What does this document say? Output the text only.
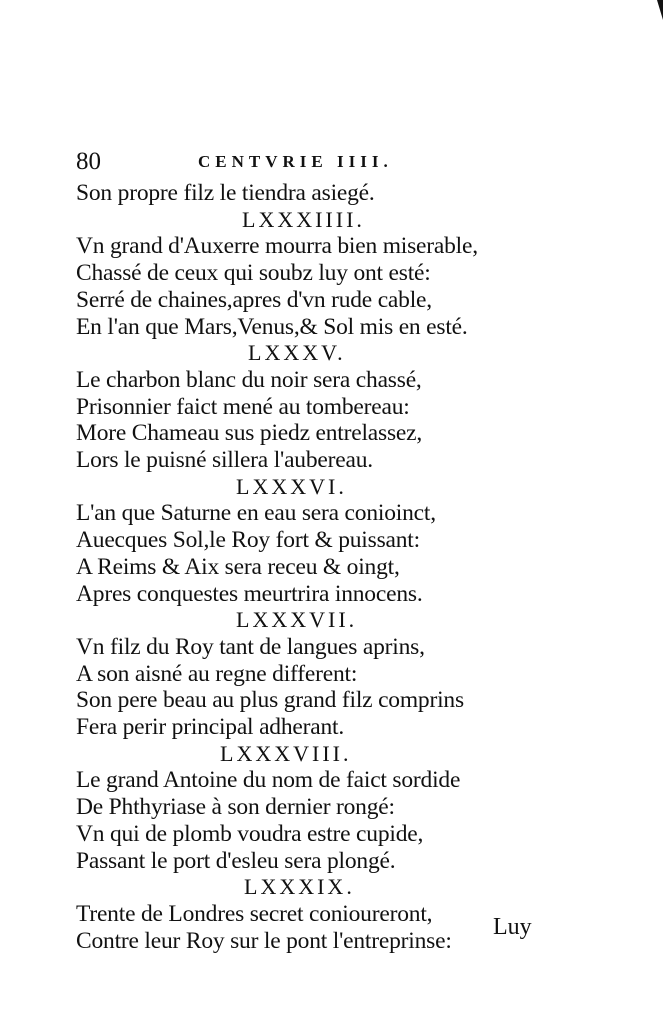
80	CENTVRIE IIII.
Son propre filz le tiendra asiegé.
LXXXIIII.
Vn grand d'Auxerre mourra bien miserable,
Chassé de ceux qui soubz luy ont esté:
Serré de chaines,apres d'vn rude cable,
En l'an que Mars,Venus,& Sol mis en esté.
LXXXV.
Le charbon blanc du noir sera chassé,
Prisonnier faict mené au tombereau:
More Chameau sus piedz entrelassez,
Lors le puisné sillera l'aubereau.
LXXXVI.
L'an que Saturne en eau sera conioinct,
Auecques Sol,le Roy fort & puissant:
A Reims & Aix sera receu & oingt,
Apres conquestes meurtrira innocens.
LXXXVII.
Vn filz du Roy tant de langues aprins,
A son aisné au regne different:
Son pere beau au plus grand filz comprins
Fera perir principal adherant.
LXXXVIII.
Le grand Antoine du nom de faict sordide
De Phthyriase à son dernier rongé:
Vn qui de plomb voudra estre cupide,
Passant le port d'esleu sera plongé.
LXXXIX.
Trente de Londres secret conioureront,
Contre leur Roy sur le pont l'entreprinse:
Luy
